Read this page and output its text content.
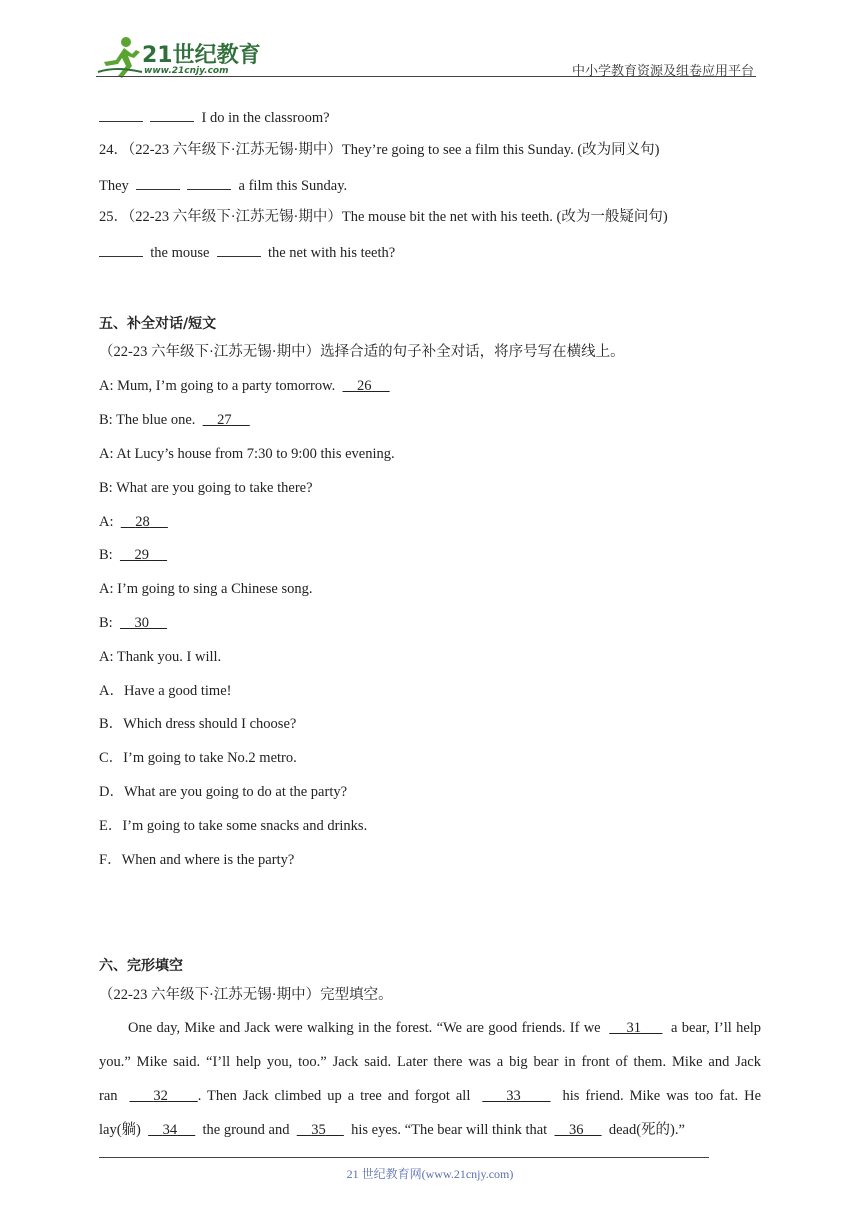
21世纪教育
www.21cnjy.com	中小学教育资源及组卷应用平台
I do in the classroom?
24．（22-23 六年级下·江苏无锡·期中）They’re going to see a film this Sunday. (改为同义句)
They	a film this Sunday.
25．（22-23 六年级下·江苏无锡·期中）The mouse bit the net with his teeth. (改为一般疑问句)
the mouse	the net with his teeth?
五、补全对话/短文
（22-23 六年级下·江苏无锡·期中）选择合适的句子补全对话，将序号写在横线上。
A: Mum, I’m going to a party tomorrow. 26
B: The blue one. 27
A: At Lucy’s house from 7:30 to 9:00 this evening.
B: What are you going to take there?
A: 28
B: 29
A: I’m going to sing a Chinese song.
B: 30
A: Thank you. I will.
A．Have a good time!
B．Which dress should I choose?
C．I’m going to take No.2 metro.
D．What are you going to do at the party?
E．I’m going to take some snacks and drinks.
F．When and where is the party?
六、完形填空
（22-23 六年级下·江苏无锡·期中）完型填空。
One day, Mike and Jack were walking in the forest. “We are good friends. If we 31 a bear, I’ll help you.” Mike said. “I’ll help you, too.” Jack said. Later there was a big bear in front of them. Mike and Jack ran 32 . Then Jack climbed up a tree and forgot all 33	his friend. Mike was too fat. He lay(躺) 34 the ground and 35 his eyes. “The bear will think that 36 dead(死的).”
21 世纪教育网(www.21cnjy.com)
